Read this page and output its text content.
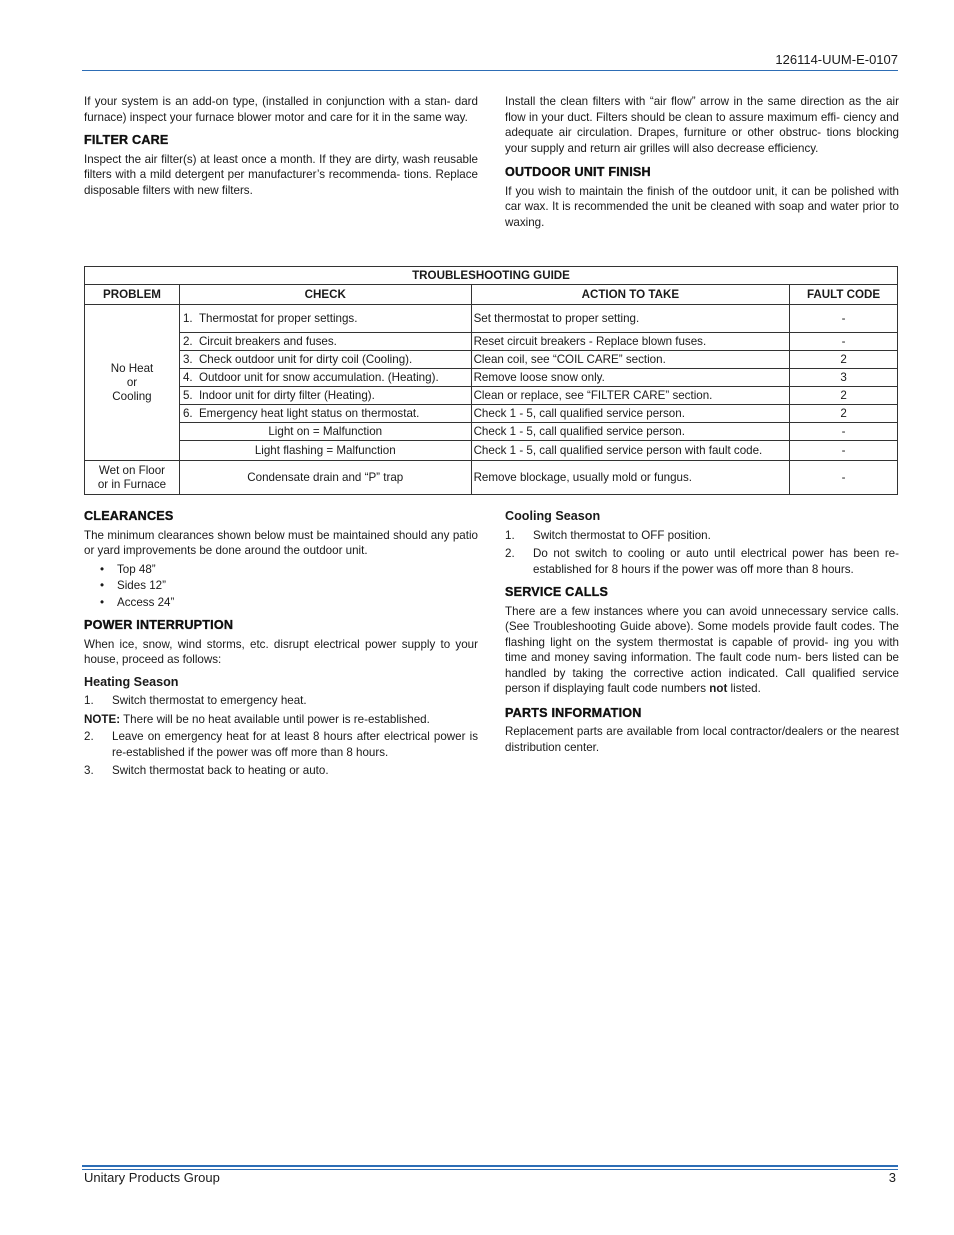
126114-UUM-E-0107

If your system is an add-on type, (installed in conjunction with a stan- dard furnace) inspect your furnace blower motor and care for it in the same way.

FILTER CARE

Inspect the air filter(s) at least once a month. If they are dirty, wash reusable filters with a mild detergent per manufacturer’s recommenda- tions. Replace disposable filters with new filters.

Install the clean filters with “air flow” arrow in the same direction as the air flow in your duct. Filters should be clean to assure maximum effi- ciency and adequate air circulation. Drapes, furniture or other obstruc- tions blocking your supply and return air grilles will also decrease efficiency.

OUTDOOR UNIT FINISH

If you wish to maintain the finish of the outdoor unit, it can be polished with car wax. It is recommended the unit be cleaned with soap and water prior to waxing.

TROUBLESHOOTING GUIDE			
PROBLEM	CHECK	ACTION TO TAKE	FAULT CODE

No Heat
or
Cooling	1. Thermostat for proper settings.	Set thermostat to proper setting.	-
	2. Circuit breakers and fuses.	Reset circuit breakers - Replace blown fuses.	-
	3. Check outdoor unit for dirty coil (Cooling).	Clean coil, see “COIL CARE” section.	2
	4. Outdoor unit for snow accumulation. (Heating).	Remove loose snow only.	3
	5. Indoor unit for dirty filter (Heating).	Clean or replace, see “FILTER CARE” section.	2
	6. Emergency heat light status on thermostat.	Check 1 - 5, call qualified service person.	2
	Light on = Malfunction	Check 1 - 5, call qualified service person.	-
	Light flashing = Malfunction	Check 1 - 5, call qualified service person with fault code.	-

Wet on Floor
or in Furnace	Condensate drain and “P” trap	Remove blockage, usually mold or fungus.	-
CLEARANCES

The minimum clearances shown below must be maintained should any patio or yard improvements be done around the outdoor unit.

• Top 48”
• Sides 12”
• Access 24”
POWER INTERRUPTION

When ice, snow, wind storms, etc. disrupt electrical power supply to your house, proceed as follows:

Heating Season
1. Switch thermostat to emergency heat.

NOTE: There will be no heat available until power is re-established.

2. Leave on emergency heat for at least 8 hours after electrical power is re-established if the power was off more than 8 hours.
3. Switch thermostat back to heating or auto.
Cooling Season
1. Switch thermostat to OFF position.
2. Do not switch to cooling or auto until electrical power has been re- established for 8 hours if the power was off more than 8 hours.
SERVICE CALLS

There are a few instances where you can avoid unnecessary service calls. (See Troubleshooting Guide above). Some models provide fault codes. The flashing light on the system thermostat is capable of provid- ing you with time and money saving information. The fault code num- bers listed can be handled by taking the corrective action indicated. Call qualified service person if displaying fault code numbers not listed.

PARTS INFORMATION

Replacement parts are available from local contractor/dealers or the nearest distribution center.

Unitary Products Group	3
